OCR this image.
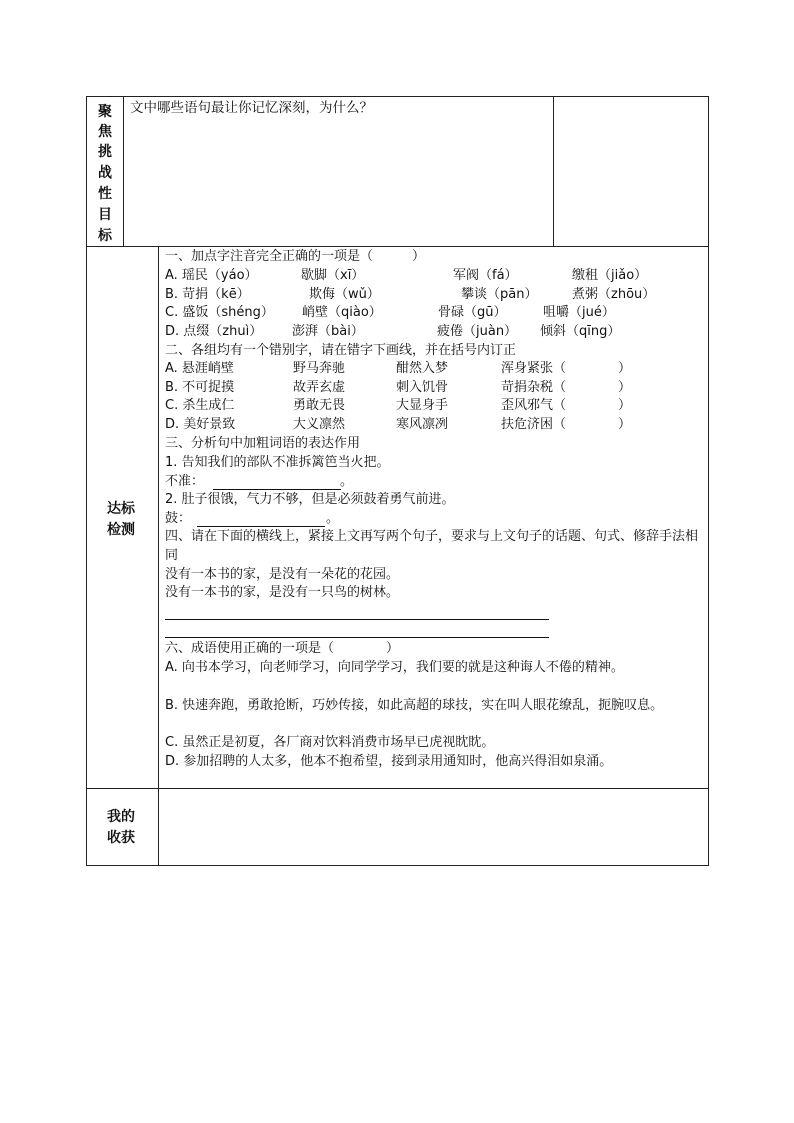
聚
焦
挑
战
性
目
标
文中哪些语句最让你记忆深刻，为什么？
达标
检测
一、加点字注音完全正确的一项是（　　　）
A. 瑶民（yáo）	歇脚（xī）	军阀（fá）	缴租（jiǎo）
B. 苛捐（kē）	欺侮（wǔ）	攀谈（pān）	煮粥（zhōu）
C. 盛饭（shéng） 峭壁（qiào）	骨碌（gū）	咀嚼（jué）
D. 点缀（zhuì） 澎湃（bài）	疲倦（juàn） 倾斜（qīng）
二、各组均有一个错别字，请在错字下画线，并在括号内订正
A. 悬涯峭壁	野马奔驰	酣然入梦	浑身紧张（　　　　）
B. 不可捉摸	故弄玄虚	刺入饥骨	苛捐杂税（　　　　）
C. 杀生成仁	勇敢无畏	大显身手	歪风邪气（　　　　）
D. 美好景致	大义凛然	寒风凛冽	扶危济困（　　　　）
三、分析句中加粗词语的表达作用
1. 告知我们的部队不准拆篱笆当火把。
不准：	。
2. 肚子很饿，气力不够，但是必须鼓着勇气前进。
鼓：	。
四、请在下面的横线上，紧接上文再写两个句子，要求与上文句子的话题、句式、修辞手法相同
没有一本书的家，是没有一朵花的花园。
没有一本书的家，是没有一只鸟的树林。
六、成语使用正确的一项是（　　　　）
A. 向书本学习，向老师学习，向同学学习，我们要的就是这种诲人不倦的精神。
B. 快速奔跑，勇敢抢断，巧妙传接，如此高超的球技，实在叫人眼花缭乱，扼腕叹息。
C. 虽然正是初夏，各厂商对饮料消费市场早已虎视眈眈。
D. 参加招聘的人太多，他本不抱希望，接到录用通知时，他高兴得泪如泉涌。
我的
收获
